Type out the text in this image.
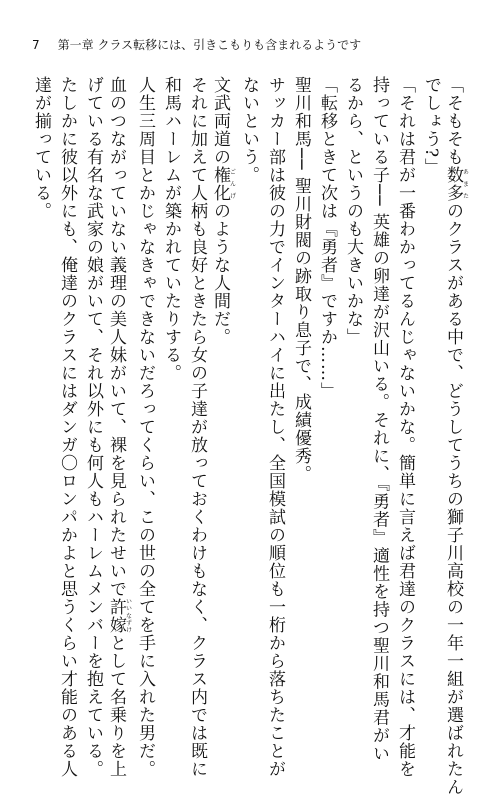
7 第一章 クラス転移には、引きこもりも含まれるようです
「そもそも数多あまたのクラスがある中で、どうしてうちの獅子川高校の一年一組が選ばれたん
でしょう?」
「それは君が一番わかってるんじゃないかな。簡単に言えば君達のクラスには、才能を
持っている子── 英雄の卵達が沢山いる。それに、『勇者』適性を持つ聖川和馬君がい
るから、というのも大きいかな」
「転移ときて次は『勇者』ですか……」
聖川和馬── 聖川財閥の跡取り息子で、成績優秀。
サッカー部は彼の力でインターハイに出たし、全国模試の順位も一桁から落ちたことが
ないという。
文武両道の権化ごんげのような人間だ。
それに加えて人柄も良好ときたら女の子達が放っておくわけもなく、クラス内では既に
和馬ハーレムが築かれていたりする。
人生三周目とかじゃなきゃできないだろってくらい、この世の全てを手に入れた男だ。
血のつながっていない義理の美人妹がいて、裸を見られたせいで許嫁いいなずけとして名乗りを上
げている有名な武家の娘がいて、それ以外にも何人もハーレムメンバーを抱えている。
たしかに彼以外にも、俺達のクラスにはダンガ〇ロンパかよと思うくらい才能のある人
達が揃っている。
